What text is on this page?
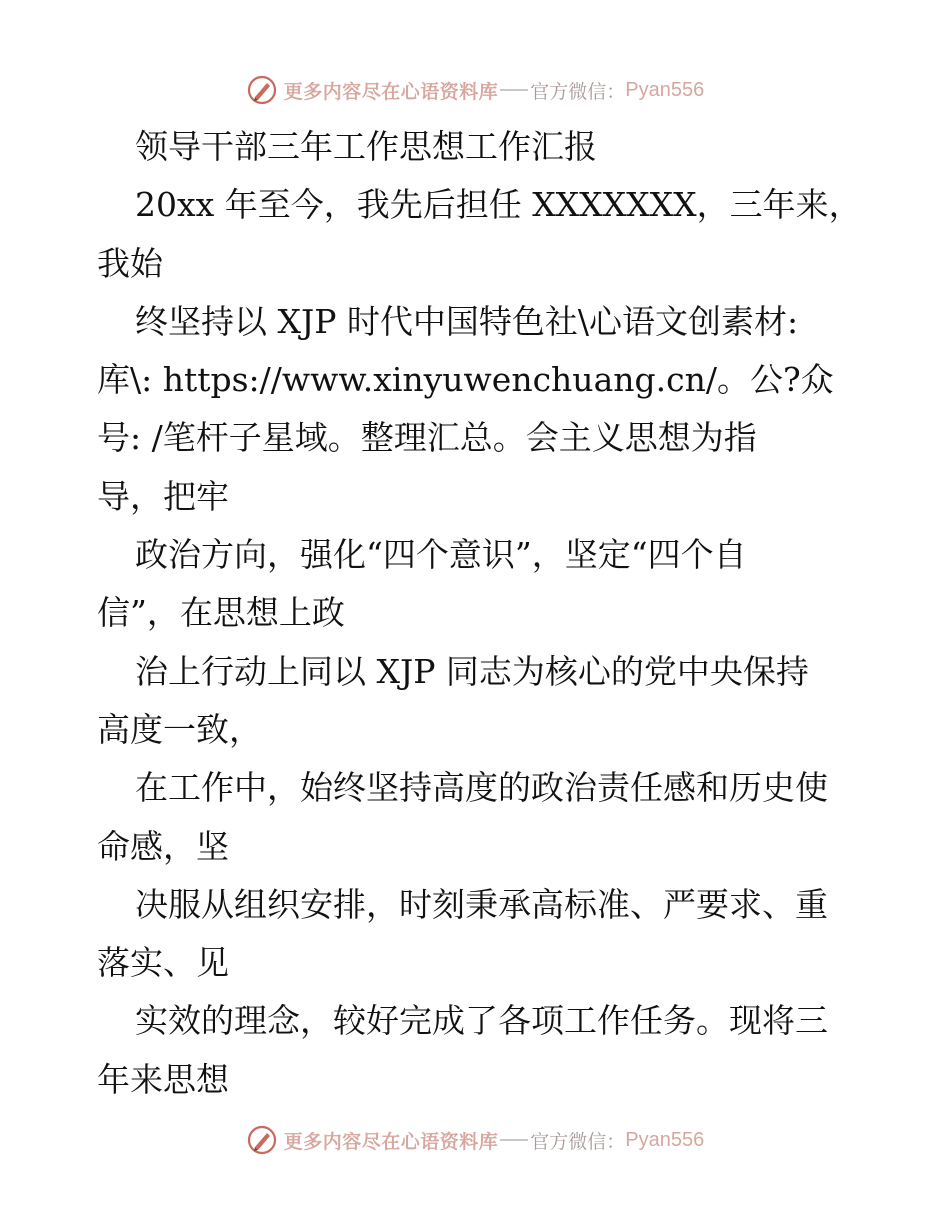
更多内容尽在心语资料库 官方微信： Pyan556
领导干部三年工作思想工作汇报
20xx 年至今，我先后担任 XXXXXXX，三年来，
我始
终坚持以 XJP 时代中国特色社\心语文创素材:
库\: https://www.xinyuwenchuang.cn/。公?众
号: /笔杆子星域。整理汇总。会主义思想为指
导，把牢
政治方向，强化“四个意识”，坚定“四个自
信”，在思想上政
治上行动上同以 XJP 同志为核心的党中央保持
高度一致，
在工作中，始终坚持高度的政治责任感和历史使
命感，坚
决服从组织安排，时刻秉承高标准、严要求、重
落实、见
实效的理念，较好完成了各项工作任务。现将三
年来思想
更多内容尽在心语资料库 官方微信： Pyan556
